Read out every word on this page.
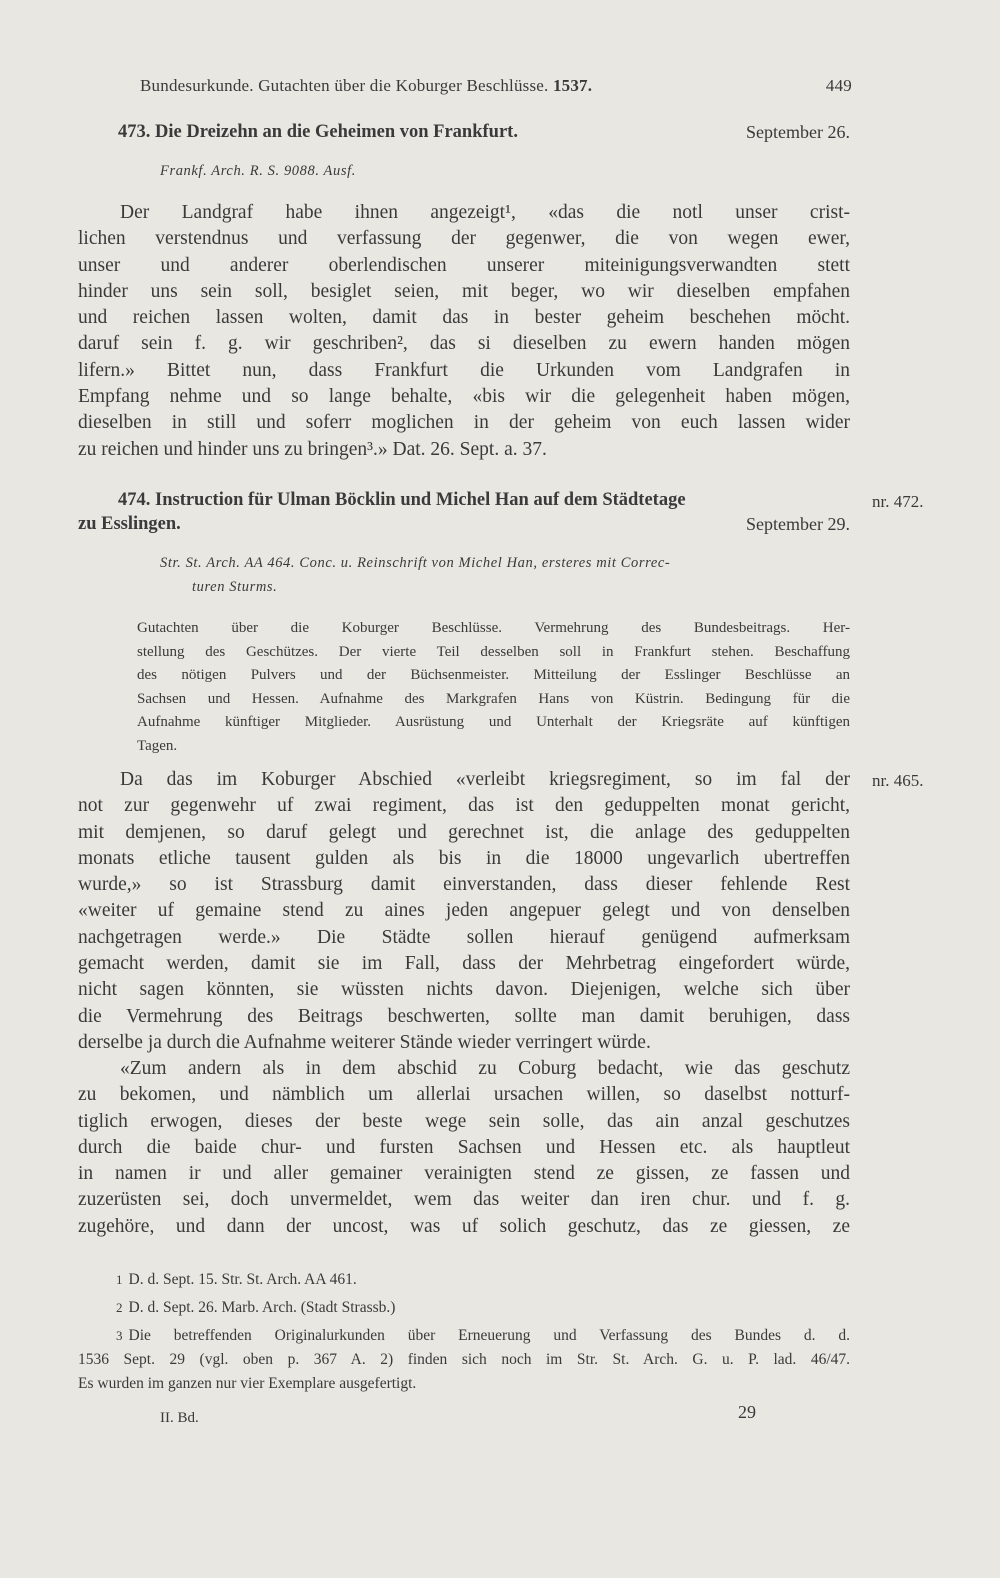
Bundesurkunde. Gutachten über die Koburger Beschlüsse. 1537.	449
473. Die Dreizehn an die Geheimen von Frankfurt.	September 26.
Frankf. Arch. R. S. 9088. Ausf.
Der Landgraf habe ihnen angezeigt¹, «das die notl unser crist-
lichen verstendnus und verfassung der gegenwer, die von wegen ewer,
unser und anderer oberlendischen unserer miteinigungsverwandten stett
hinder uns sein soll, besiglet seien, mit beger, wo wir dieselben empfahen
und reichen lassen wolten, damit das in bester geheim beschehen möcht.
daruf sein f. g. wir geschriben², das si dieselben zu ewern handen mögen
lifern.» Bittet nun, dass Frankfurt die Urkunden vom Landgrafen in
Empfang nehme und so lange behalte, «bis wir die gelegenheit haben mögen,
dieselben in still und soferr moglichen in der geheim von euch lassen wider
zu reichen und hinder uns zu bringen³.» Dat. 26. Sept. a. 37.
474. Instruction für Ulman Böcklin und Michel Han auf dem Städtetage	nr. 472.
zu Esslingen.	September 29.
Str. St. Arch. AA 464. Conc. u. Reinschrift von Michel Han, ersteres mit Correc-
turen Sturms.
Gutachten über die Koburger Beschlüsse. Vermehrung des Bundesbeitrags. Her-
stellung des Geschützes. Der vierte Teil desselben soll in Frankfurt stehen. Beschaffung
des nötigen Pulvers und der Büchsenmeister. Mitteilung der Esslinger Beschlüsse an
Sachsen und Hessen. Aufnahme des Markgrafen Hans von Küstrin. Bedingung für die
Aufnahme künftiger Mitglieder. Ausrüstung und Unterhalt der Kriegsräte auf künftigen
Tagen.
nr. 465.
Da das im Koburger Abschied «verleibt kriegsregiment, so im fal der
not zur gegenwehr uf zwai regiment, das ist den geduppelten monat gericht,
mit demjenen, so daruf gelegt und gerechnet ist, die anlage des geduppelten
monats etliche tausent gulden als bis in die 18000 ungevarlich ubertreffen
wurde,» so ist Strassburg damit einverstanden, dass dieser fehlende Rest
«weiter uf gemaine stend zu aines jeden angepuer gelegt und von denselben
nachgetragen werde.» Die Städte sollen hierauf genügend aufmerksam
gemacht werden, damit sie im Fall, dass der Mehrbetrag eingefordert würde,
nicht sagen könnten, sie wüssten nichts davon. Diejenigen, welche sich über
die Vermehrung des Beitrags beschwerten, sollte man damit beruhigen, dass
derselbe ja durch die Aufnahme weiterer Stände wieder verringert würde.
«Zum andern als in dem abschid zu Coburg bedacht, wie das geschutz
zu bekomen, und nämblich um allerlai ursachen willen, so daselbst notturf-
tiglich erwogen, dieses der beste wege sein solle, das ain anzal geschutzes
durch die baide chur- und fursten Sachsen und Hessen etc. als hauptleut
in namen ir und aller gemainer verainigten stend ze gissen, ze fassen und
zuzerüsten sei, doch unvermeldet, wem das weiter dan iren chur. und f. g.
zugehöre, und dann der uncost, was uf solich geschutz, das ze giessen, ze
1 D. d. Sept. 15. Str. St. Arch. AA 461.
2 D. d. Sept. 26. Marb. Arch. (Stadt Strassb.)
3 Die betreffenden Originalurkunden über Erneuerung und Verfassung des Bundes d. d.
1536 Sept. 29 (vgl. oben p. 367 A. 2) finden sich noch im Str. St. Arch. G. u. P. lad. 46/47.
Es wurden im ganzen nur vier Exemplare ausgefertigt.
II. Bd.	29
